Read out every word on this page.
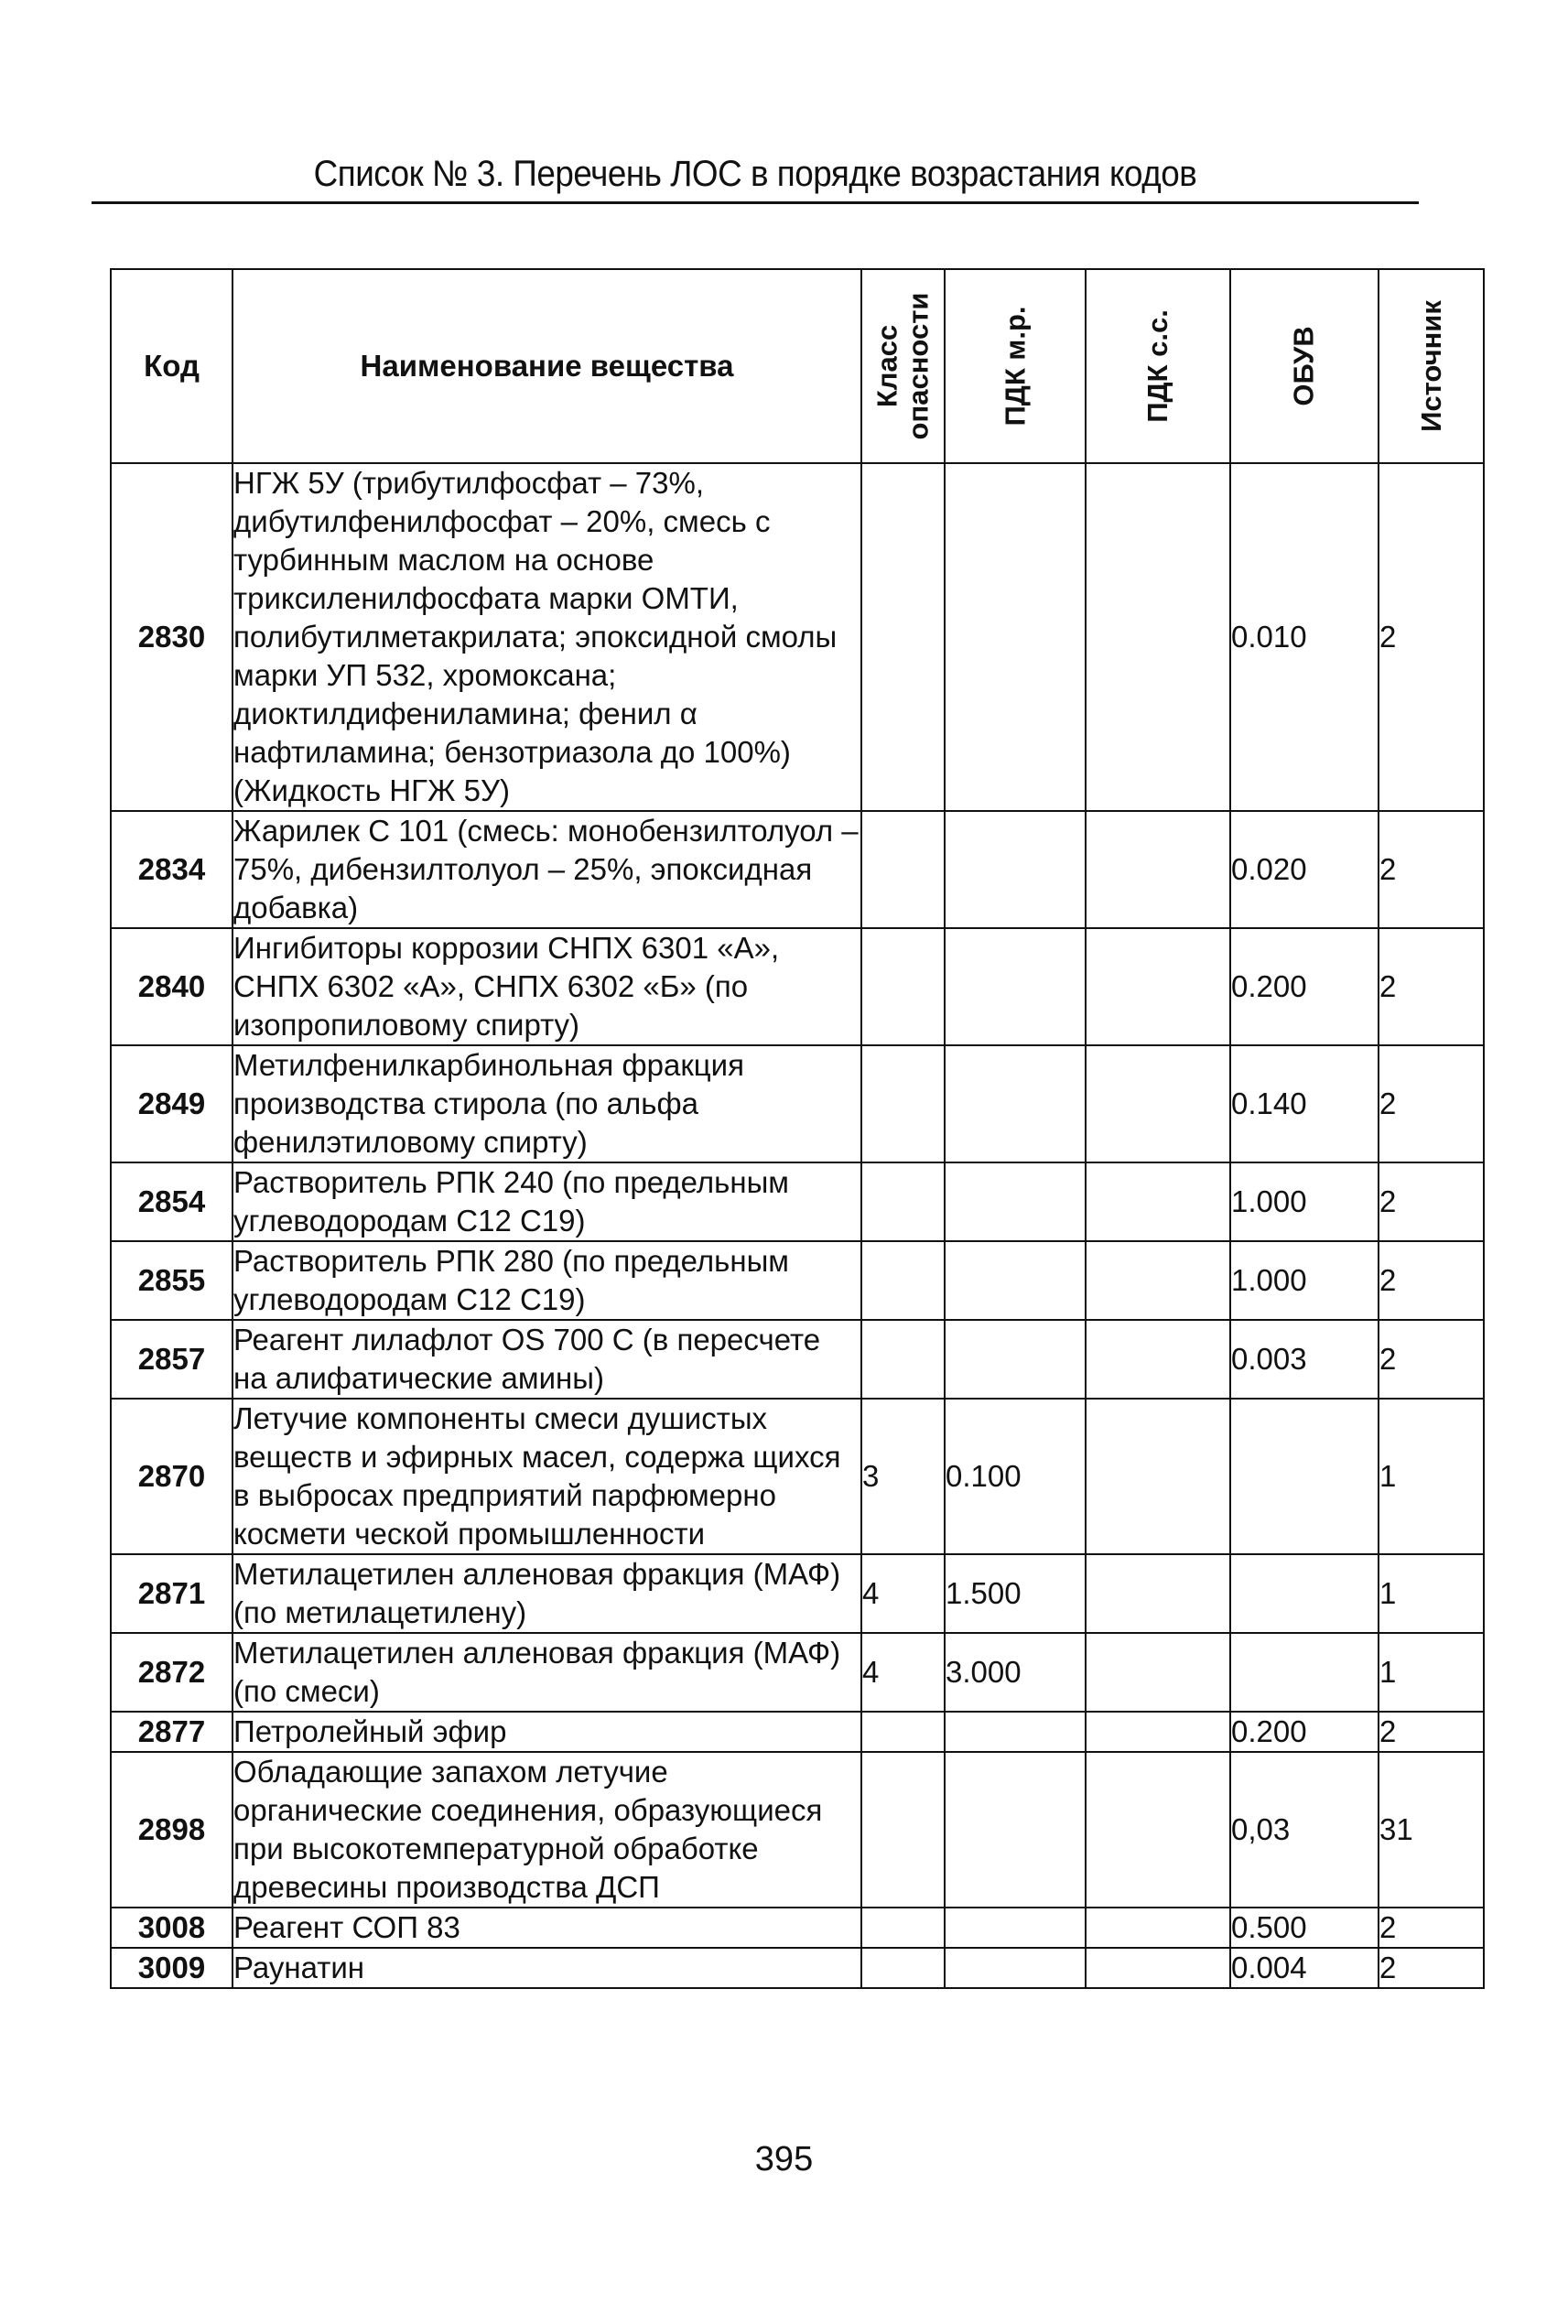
Список № 3. Перечень ЛОС в порядке возрастания кодов
Код	Наименование вещества	Класс опасности	ПДК м.р.	ПДК с.с.	ОБУВ	Источник

2830	НГЖ 5У (трибутилфосфат – 73%, дибутилфенилфосфат – 20%, смесь с турбинным маслом на основе триксиленилфосфата марки ОМТИ, полибутилметакрилата; эпоксидной смолы марки УП 532, хромоксана; диоктилдифениламина; фенил α нафтиламина; бензотриазола до 100%) (Жидкость НГЖ 5У)				0.010	2
2834	Жарилек С 101 (смесь: монобензилтолуол – 75%, дибензилтолуол – 25%, эпоксидная добавка)				0.020	2
2840	Ингибиторы коррозии СНПХ 6301 «А», СНПХ 6302 «А», СНПХ 6302 «Б» (по изопропиловому спирту)				0.200	2
2849	Метилфенилкарбинольная фракция производства стирола (по альфа фенилэтиловому спирту)				0.140	2
2854	Растворитель РПК 240 (по предельным углеводородам C12 C19)				1.000	2
2855	Растворитель РПК 280 (по предельным углеводородам C12 C19)				1.000	2
2857	Реагент лилафлот OS 700 C (в пересчете на алифатические амины)				0.003	2
2870	Летучие компоненты смеси душистых веществ и эфирных масел, содержа щихся в выбросах предприятий парфюмерно космети ческой промышленности	3	0.100			1
2871	Метилацетилен алленовая фракция (МАФ) (по метилацетилену)	4	1.500			1
2872	Метилацетилен алленовая фракция (МАФ) (по смеси)	4	3.000			1
2877	Петролейный эфир				0.200	2
2898	Обладающие запахом летучие органические соединения, образующиеся при высокотемпературной обработке древесины производства ДСП				0,03	31
3008	Реагент СОП 83				0.500	2
3009	Раунатин				0.004	2
395
